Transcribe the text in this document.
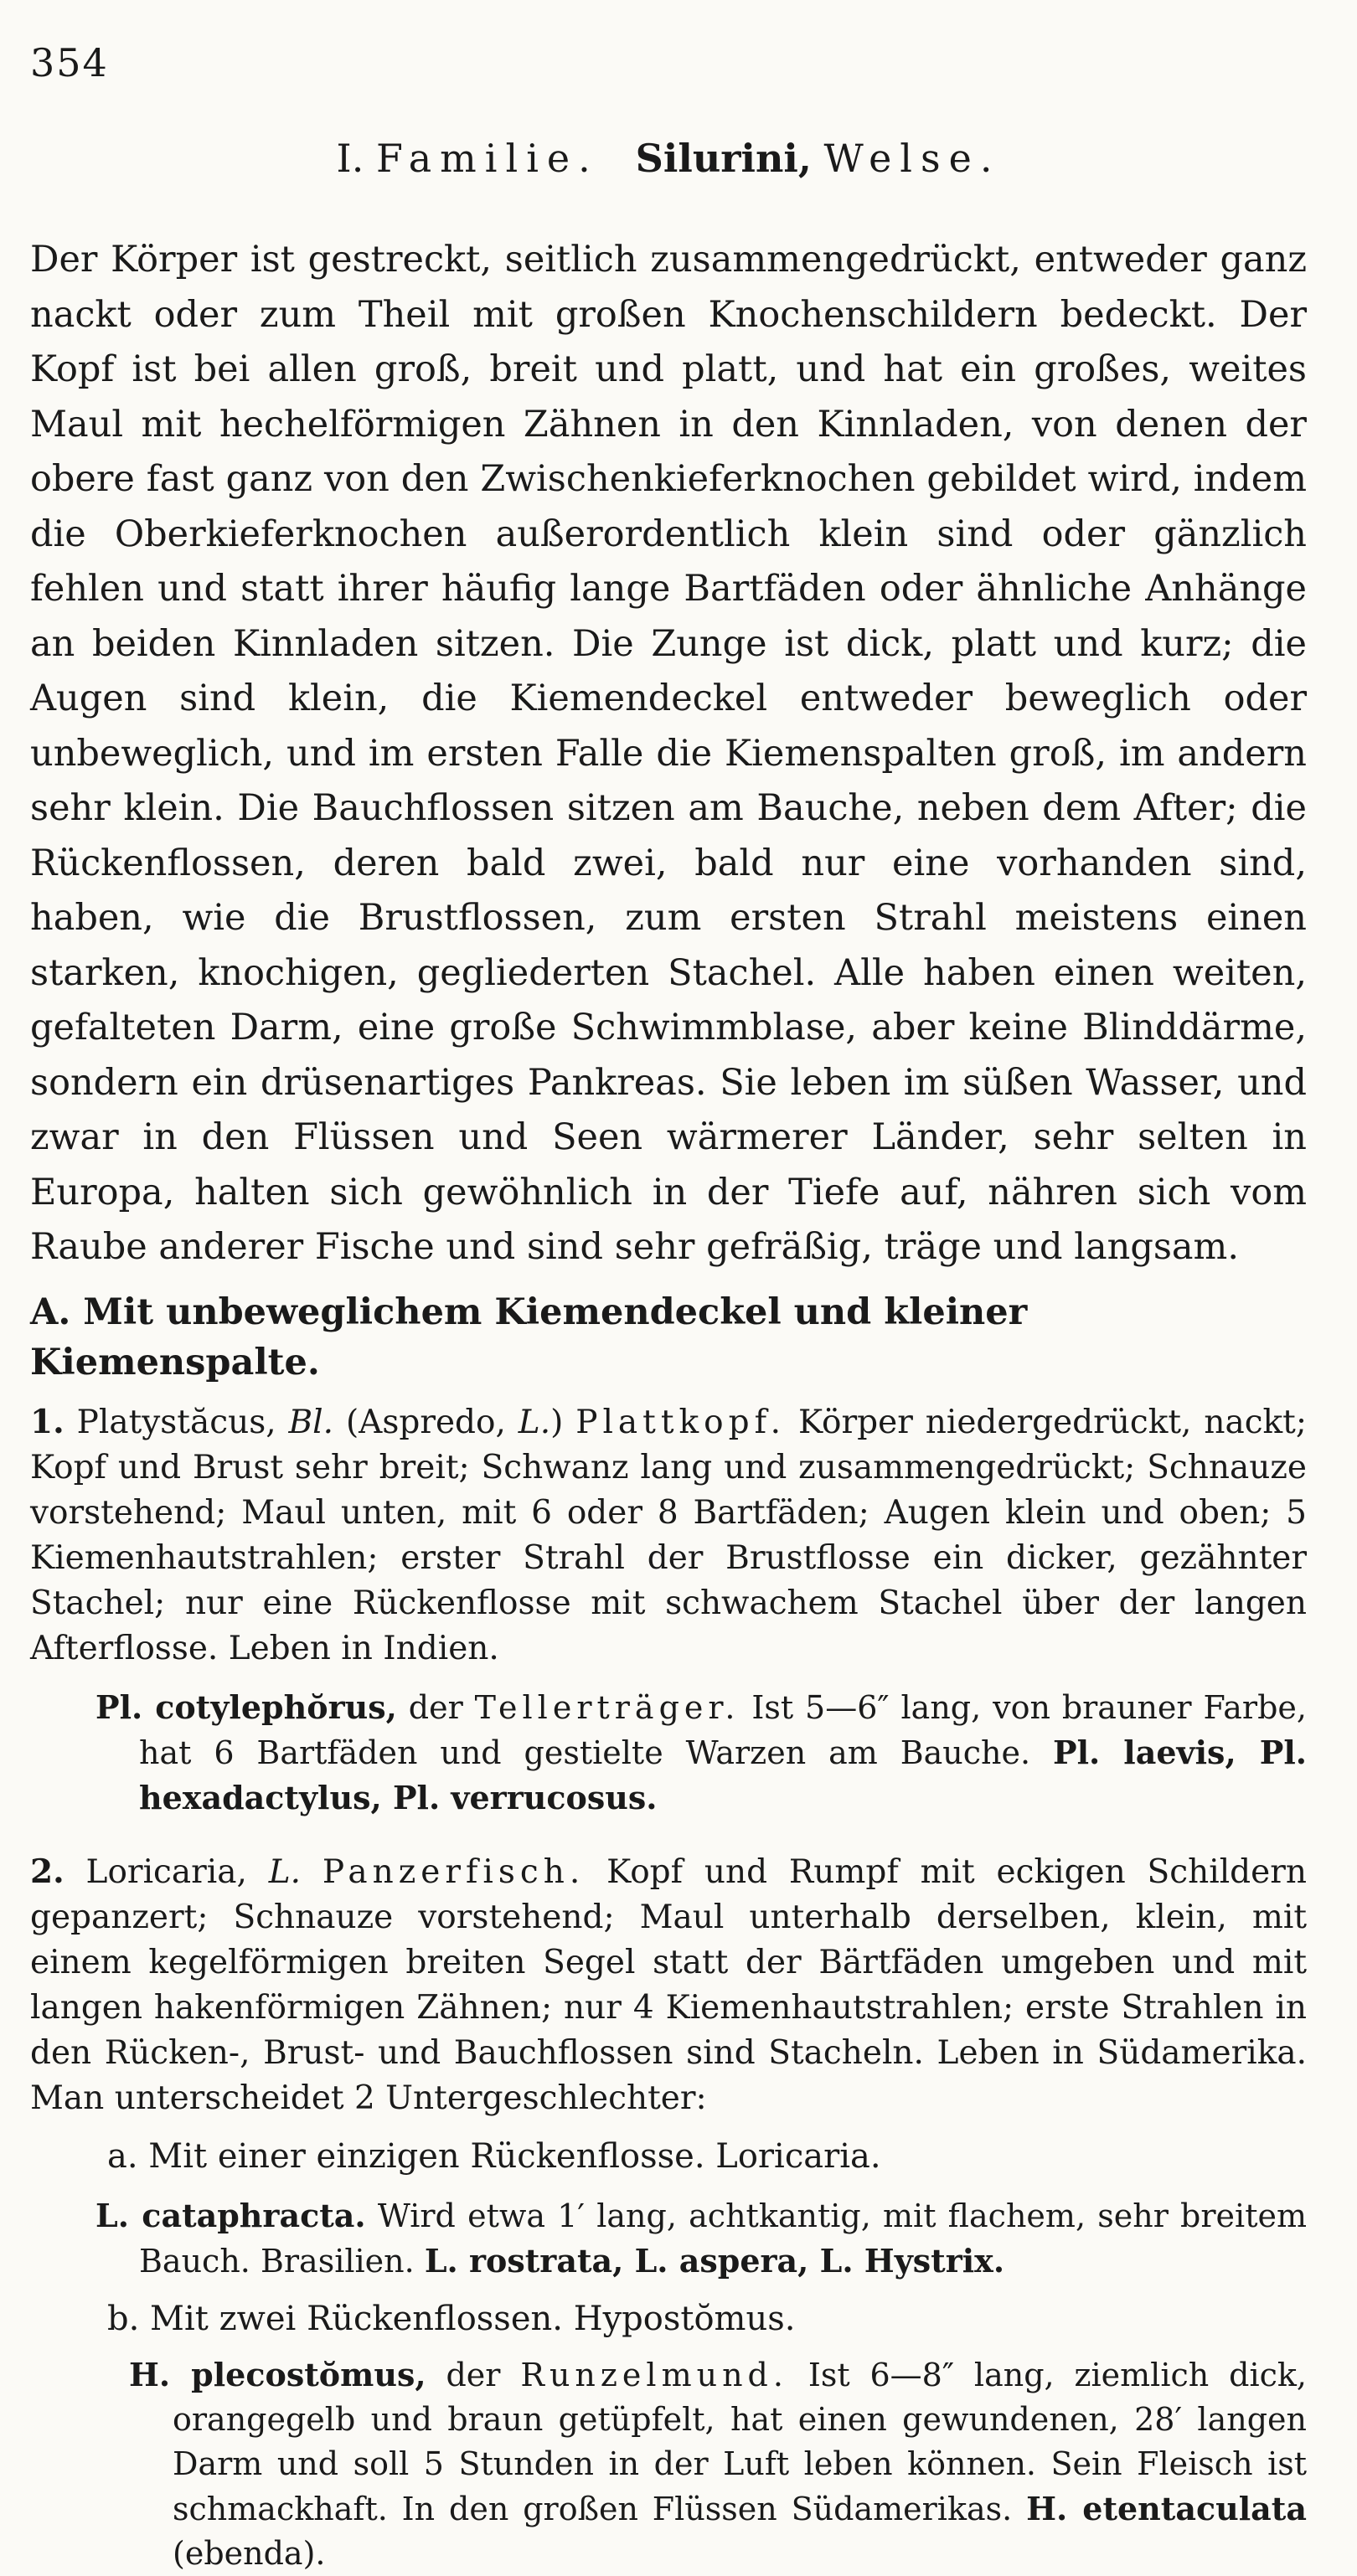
354
I. Familie. Silurini, Welse.

Der Körper ist gestreckt, seitlich zusammengedrückt, entweder ganz nackt oder zum Theil mit großen Knochenschildern bedeckt. Der Kopf ist bei allen groß, breit und platt, und hat ein großes, weites Maul mit hechelförmigen Zähnen in den Kinnladen, von denen der obere fast ganz von den Zwischenkieferknochen gebildet wird, indem die Oberkieferknochen außerordentlich klein sind oder gänzlich fehlen und statt ihrer häufig lange Bartfäden oder ähnliche Anhänge an beiden Kinnladen sitzen. Die Zunge ist dick, platt und kurz; die Augen sind klein, die Kiemendeckel entweder beweglich oder unbeweglich, und im ersten Falle die Kiemenspalten groß, im andern sehr klein. Die Bauchflossen sitzen am Bauche, neben dem After; die Rückenflossen, deren bald zwei, bald nur eine vorhanden sind, haben, wie die Brustflossen, zum ersten Strahl meistens einen starken, knochigen, gegliederten Stachel. Alle haben einen weiten, gefalteten Darm, eine große Schwimmblase, aber keine Blinddärme, sondern ein drüsenartiges Pankreas. Sie leben im süßen Wasser, und zwar in den Flüssen und Seen wärmerer Länder, sehr selten in Europa, halten sich gewöhnlich in der Tiefe auf, nähren sich vom Raube anderer Fische und sind sehr gefräßig, träge und langsam.

A. Mit unbeweglichem Kiemendeckel und kleiner Kiemenspalte.

1. Platystăcus, Bl. (Aspredo, L.) Plattkopf. Körper niedergedrückt, nackt; Kopf und Brust sehr breit; Schwanz lang und zusammengedrückt; Schnauze vorstehend; Maul unten, mit 6 oder 8 Bartfäden; Augen klein und oben; 5 Kiemenhautstrahlen; erster Strahl der Brustflosse ein dicker, gezähnter Stachel; nur eine Rückenflosse mit schwachem Stachel über der langen Afterflosse. Leben in Indien.

Pl. cotylephŏrus, der Tellerträger. Ist 5—6″ lang, von brauner Farbe, hat 6 Bartfäden und gestielte Warzen am Bauche. Pl. laevis, Pl. hexadactylus, Pl. verrucosus.

2. Loricaria, L. Panzerfisch. Kopf und Rumpf mit eckigen Schildern gepanzert; Schnauze vorstehend; Maul unterhalb derselben, klein, mit einem kegelförmigen breiten Segel statt der Bärtfäden umgeben und mit langen hakenförmigen Zähnen; nur 4 Kiemenhautstrahlen; erste Strahlen in den Rücken-, Brust- und Bauchflossen sind Stacheln. Leben in Südamerika. Man unterscheidet 2 Untergeschlechter:

a. Mit einer einzigen Rückenflosse. Loricaria.

L. cataphracta. Wird etwa 1′ lang, achtkantig, mit flachem, sehr breitem Bauch. Brasilien. L. rostrata, L. aspera, L. Hystrix.

b. Mit zwei Rückenflossen. Hypostŏmus.

H. plecostŏmus, der Runzelmund. Ist 6—8″ lang, ziemlich dick, orangegelb und braun getüpfelt, hat einen gewundenen, 28′ langen Darm und soll 5 Stunden in der Luft leben können. Sein Fleisch ist schmackhaft. In den großen Flüssen Südamerikas. H. etentaculata (ebenda).
